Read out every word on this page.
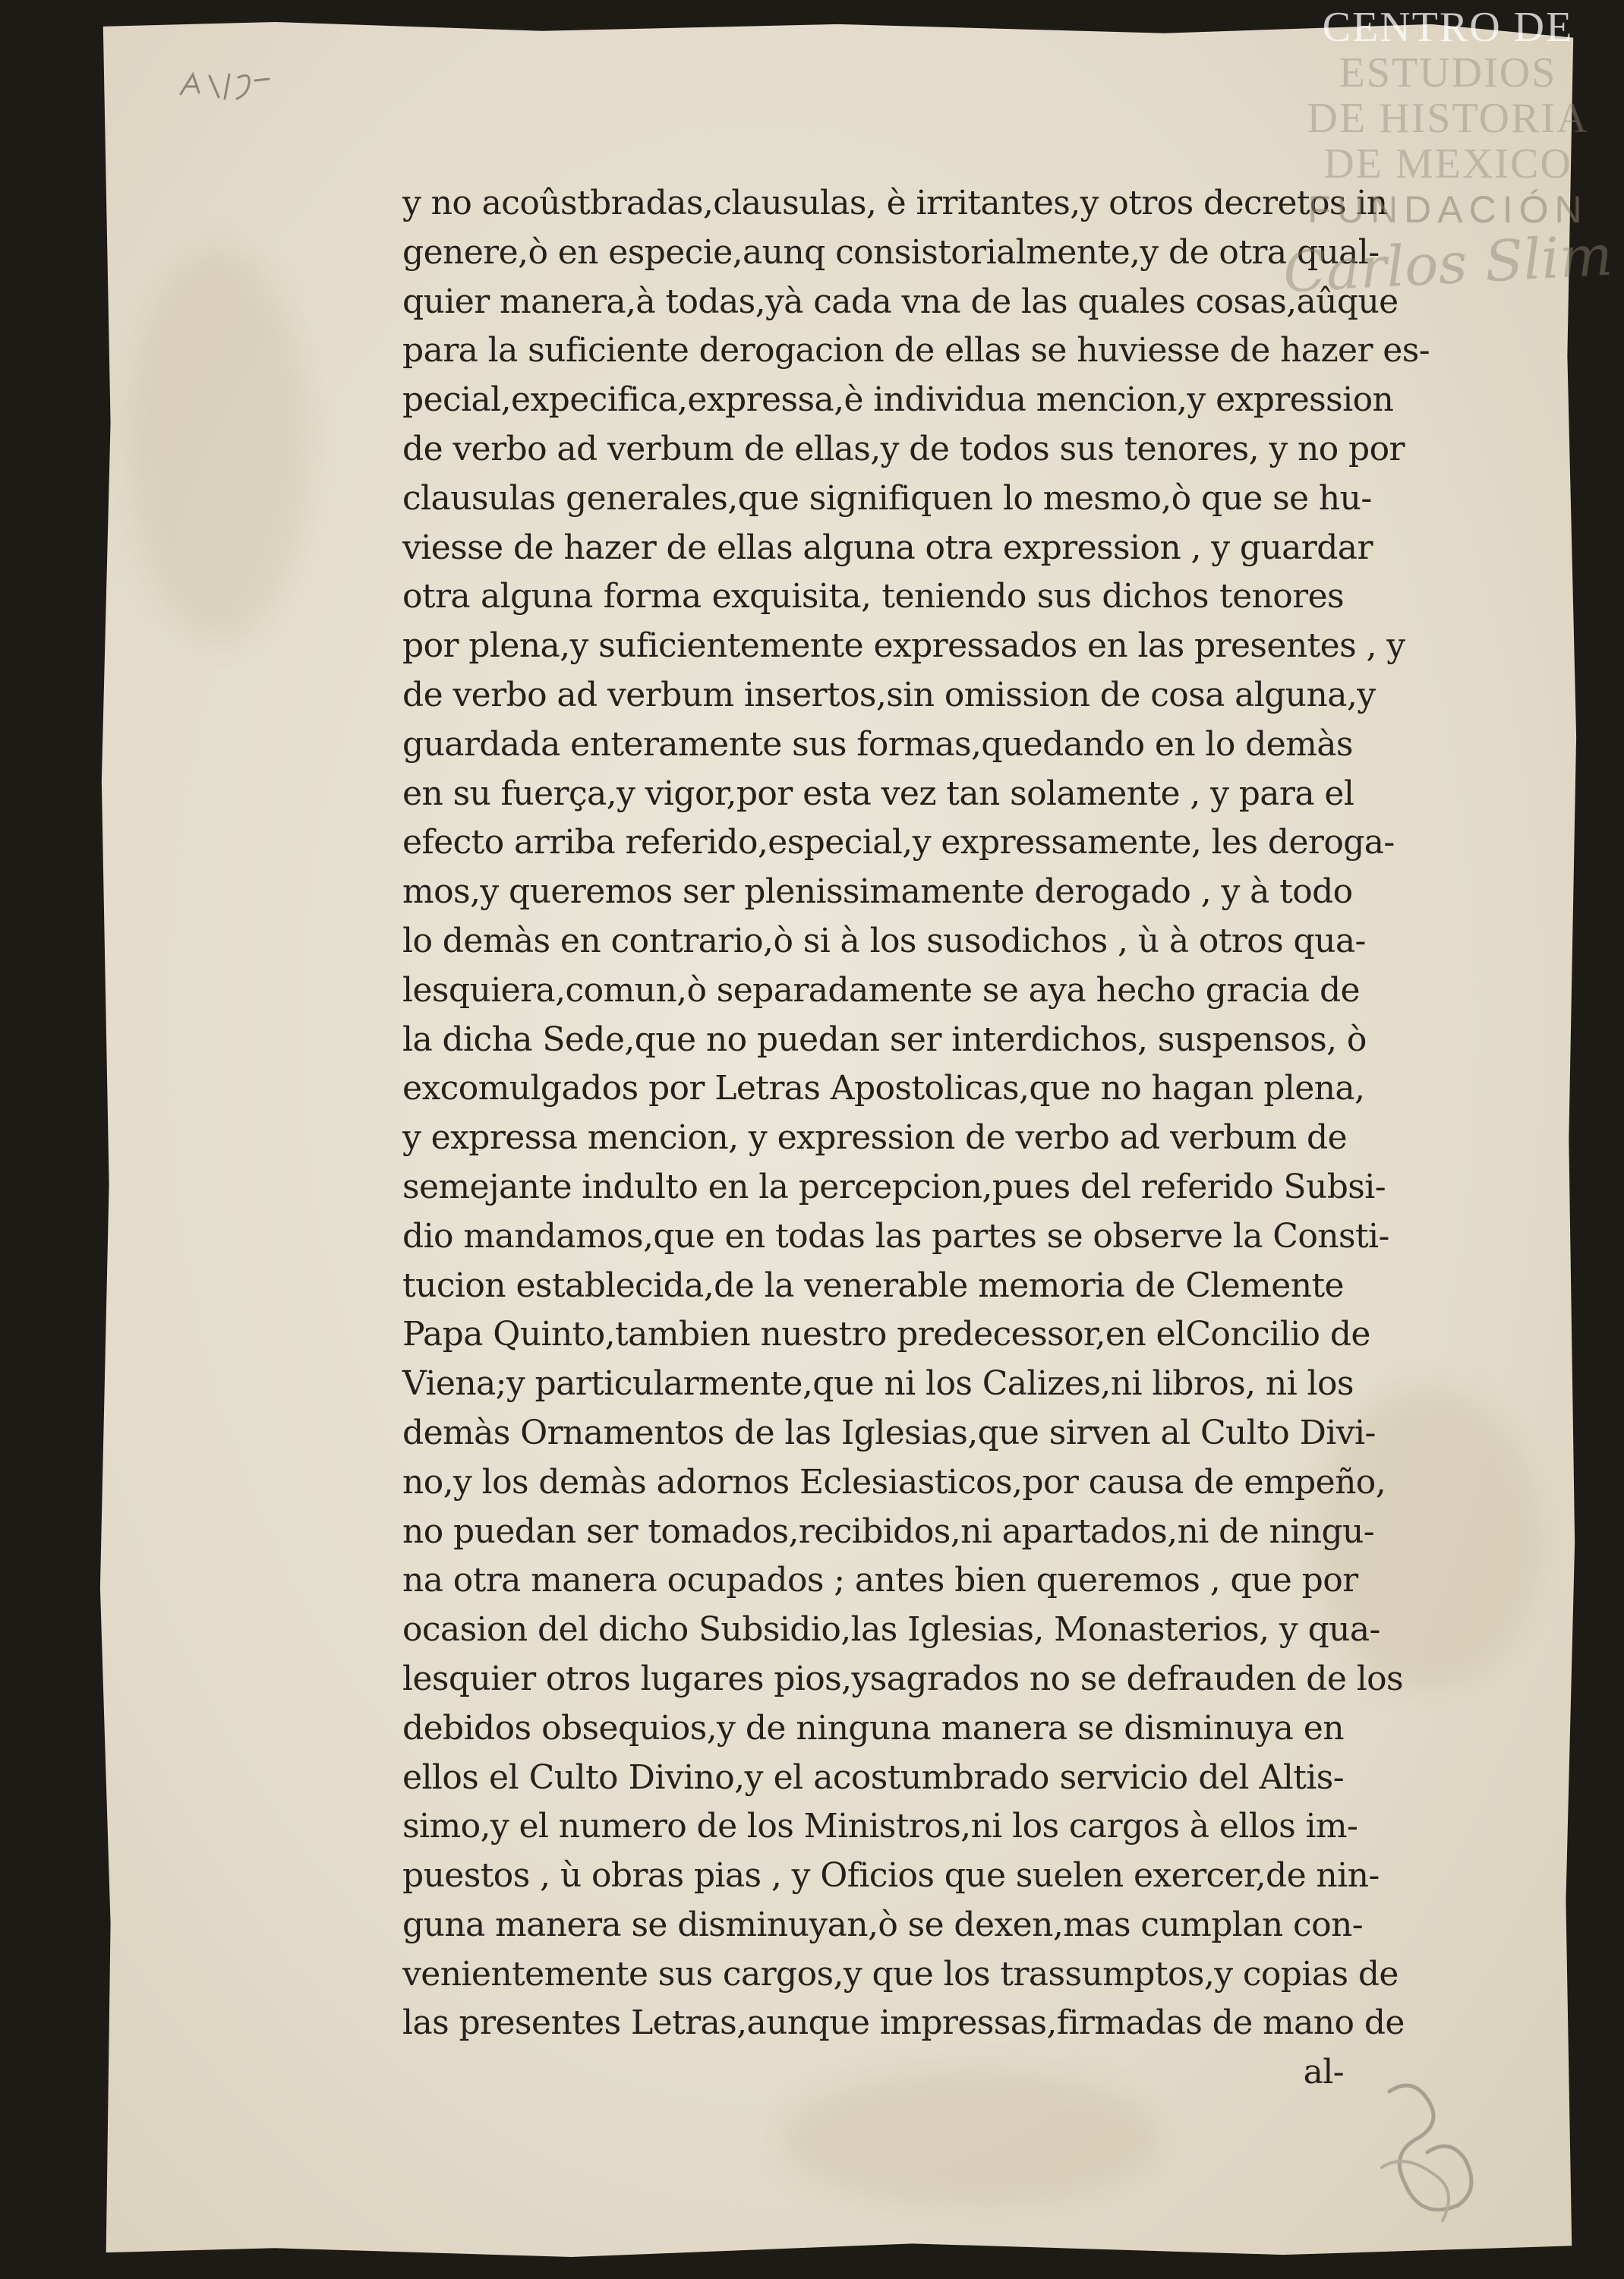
y no acoûstbradas,clausulas, è irritantes,y otros decretos in
genere,ò en especie,aunq consistorialmente,y de otra qual-
quier manera,à todas,yà cada vna de las quales cosas,aûque
para la suficiente derogacion de ellas se huviesse de hazer es-
pecial,expecifica,expressa,è individua mencion,y expression
de verbo ad verbum de ellas,y de todos sus tenores, y no por
clausulas generales,que signifiquen lo mesmo,ò que se hu-
viesse de hazer de ellas alguna otra expression , y guardar
otra alguna forma exquisita, teniendo sus dichos tenores
por plena,y suficientemente expressados en las presentes , y
de verbo ad verbum insertos,sin omission de cosa alguna,y
guardada enteramente sus formas,quedando en lo demàs
en su fuerça,y vigor,por esta vez tan solamente , y para el
efecto arriba referido,especial,y expressamente, les deroga-
mos,y queremos ser plenissimamente derogado , y à todo
lo demàs en contrario,ò si à los susodichos , ù à otros qua-
lesquiera,comun,ò separadamente se aya hecho gracia de
la dicha Sede,que no puedan ser interdichos, suspensos, ò
excomulgados por Letras Apostolicas,que no hagan plena,
y expressa mencion, y expression de verbo ad verbum de
semejante indulto en la percepcion,pues del referido Subsi-
dio mandamos,que en todas las partes se observe la Consti-
tucion establecida,de la venerable memoria de Clemente
Papa Quinto,tambien nuestro predecessor,en elConcilio de
Viena;y particularmente,que ni los Calizes,ni libros, ni los
demàs Ornamentos de las Iglesias,que sirven al Culto Divi-
no,y los demàs adornos Eclesiasticos,por causa de empeño,
no puedan ser tomados,recibidos,ni apartados,ni de ningu-
na otra manera ocupados ; antes bien queremos , que por
ocasion del dicho Subsidio,las Iglesias, Monasterios, y qua-
lesquier otros lugares pios,ysagrados no se defrauden de los
debidos obsequios,y de ninguna manera se disminuya en
ellos el Culto Divino,y el acostumbrado servicio del Altis-
simo,y el numero de los Ministros,ni los cargos à ellos im-
puestos , ù obras pias , y Oficios que suelen exercer,de nin-
guna manera se disminuyan,ò se dexen,mas cumplan con-
venientemente sus cargos,y que los trassumptos,y copias de
las presentes Letras,aunque impressas,firmadas de mano de
al-
CENTRO DE
ESTUDIOS
DE HISTORIA
DE MEXICO
FUNDACIÓN
Carlos Slim
